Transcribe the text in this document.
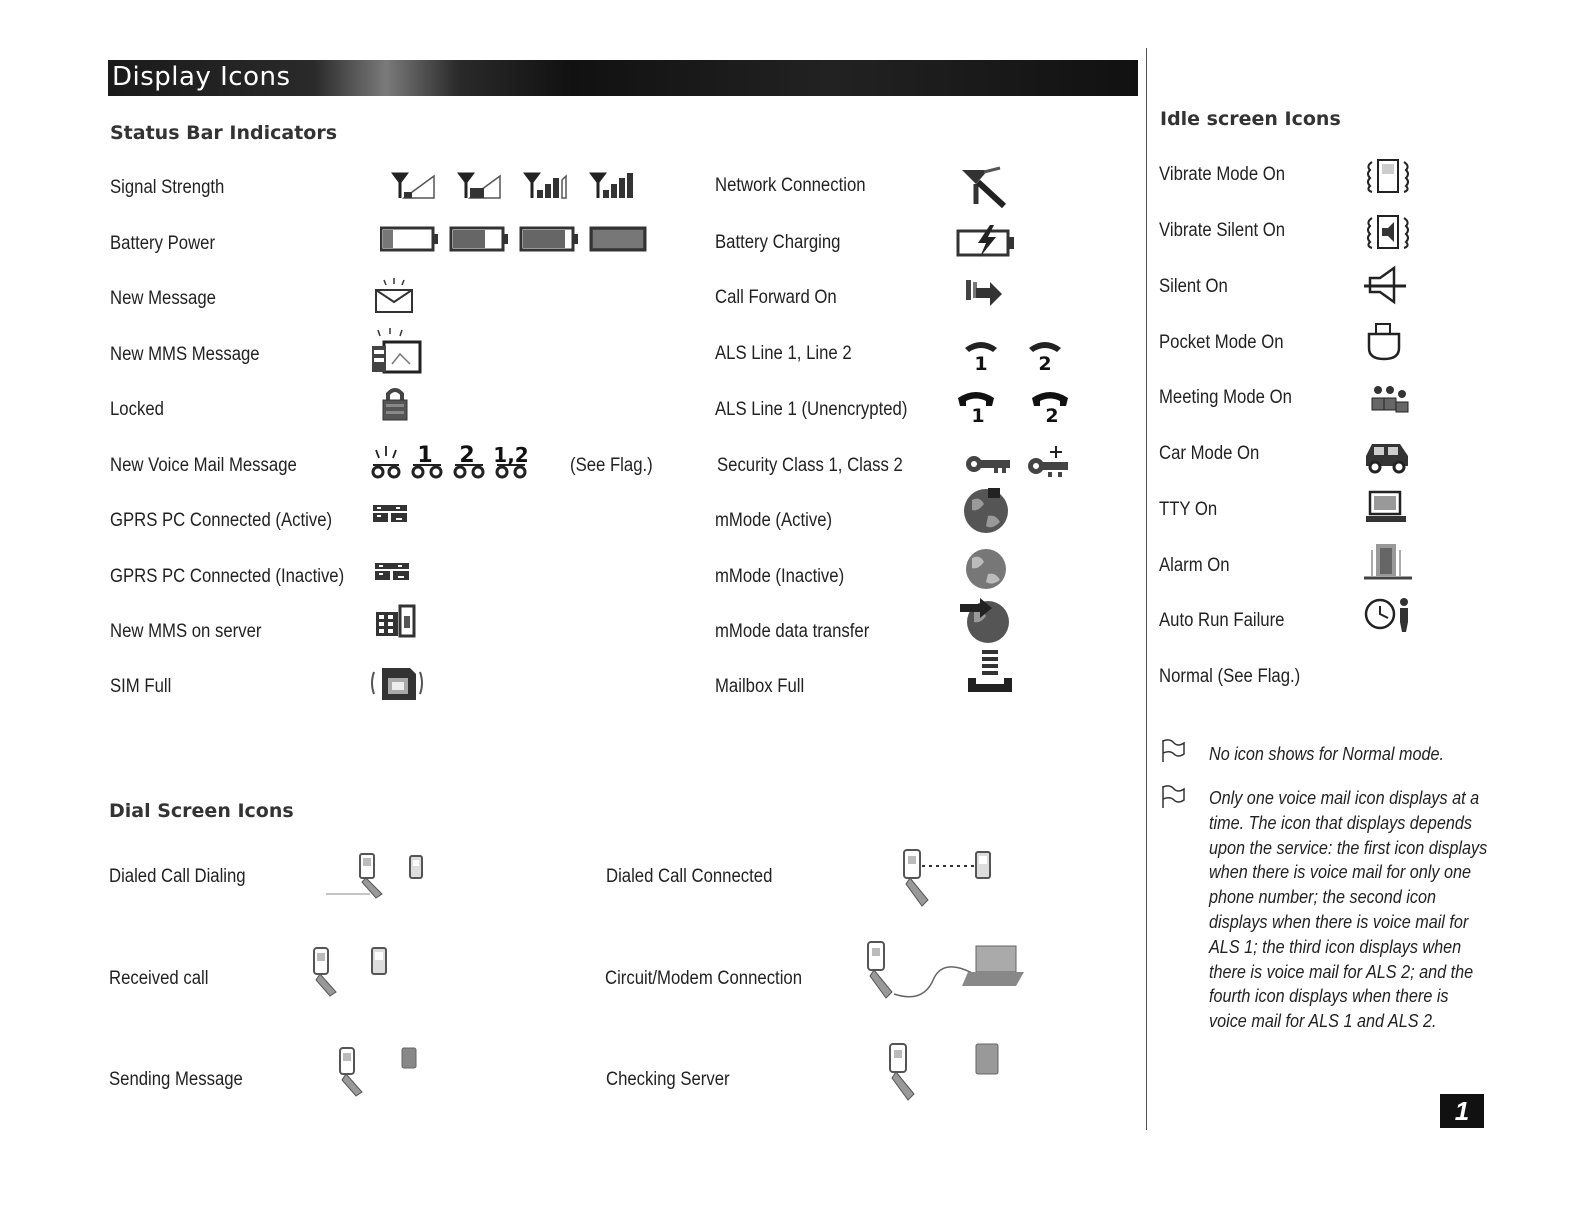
Display Icons
Status Bar Indicators
Signal Strength
Battery Power
New Message
New MMS Message
Locked
New Voice Mail Message
GPRS PC Connected (Active)
GPRS PC Connected (Inactive)
New MMS on server
SIM Full
Network Connection
Battery Charging
Call Forward On
ALS Line 1, Line 2
ALS Line 1 (Unencrypted)
Security Class 1, Class 2
mMode (Active)
mMode (Inactive)
mMode data transfer
Mailbox Full
1 2 1,2 (See Flag.)
1	2
1	2
Dial Screen Icons
Dialed Call Dialing
Received call
Sending Message
Dialed Call Connected
Circuit/Modem Connection
Checking Server
Idle screen Icons
Vibrate Mode On
Vibrate Silent On
Silent On
Pocket Mode On
Meeting Mode On
Car Mode On
TTY On
Alarm On
Auto Run Failure
Normal (See Flag.)
No icon shows for Normal mode.
Only one voice mail icon displays at a time. The icon that displays depends upon the service: the first icon displays when there is voice mail for only one phone number; the second icon displays when there is voice mail for ALS 1; the third icon displays when there is voice mail for ALS 2; and the fourth icon displays when there is voice mail for ALS 1 and ALS 2.
1
